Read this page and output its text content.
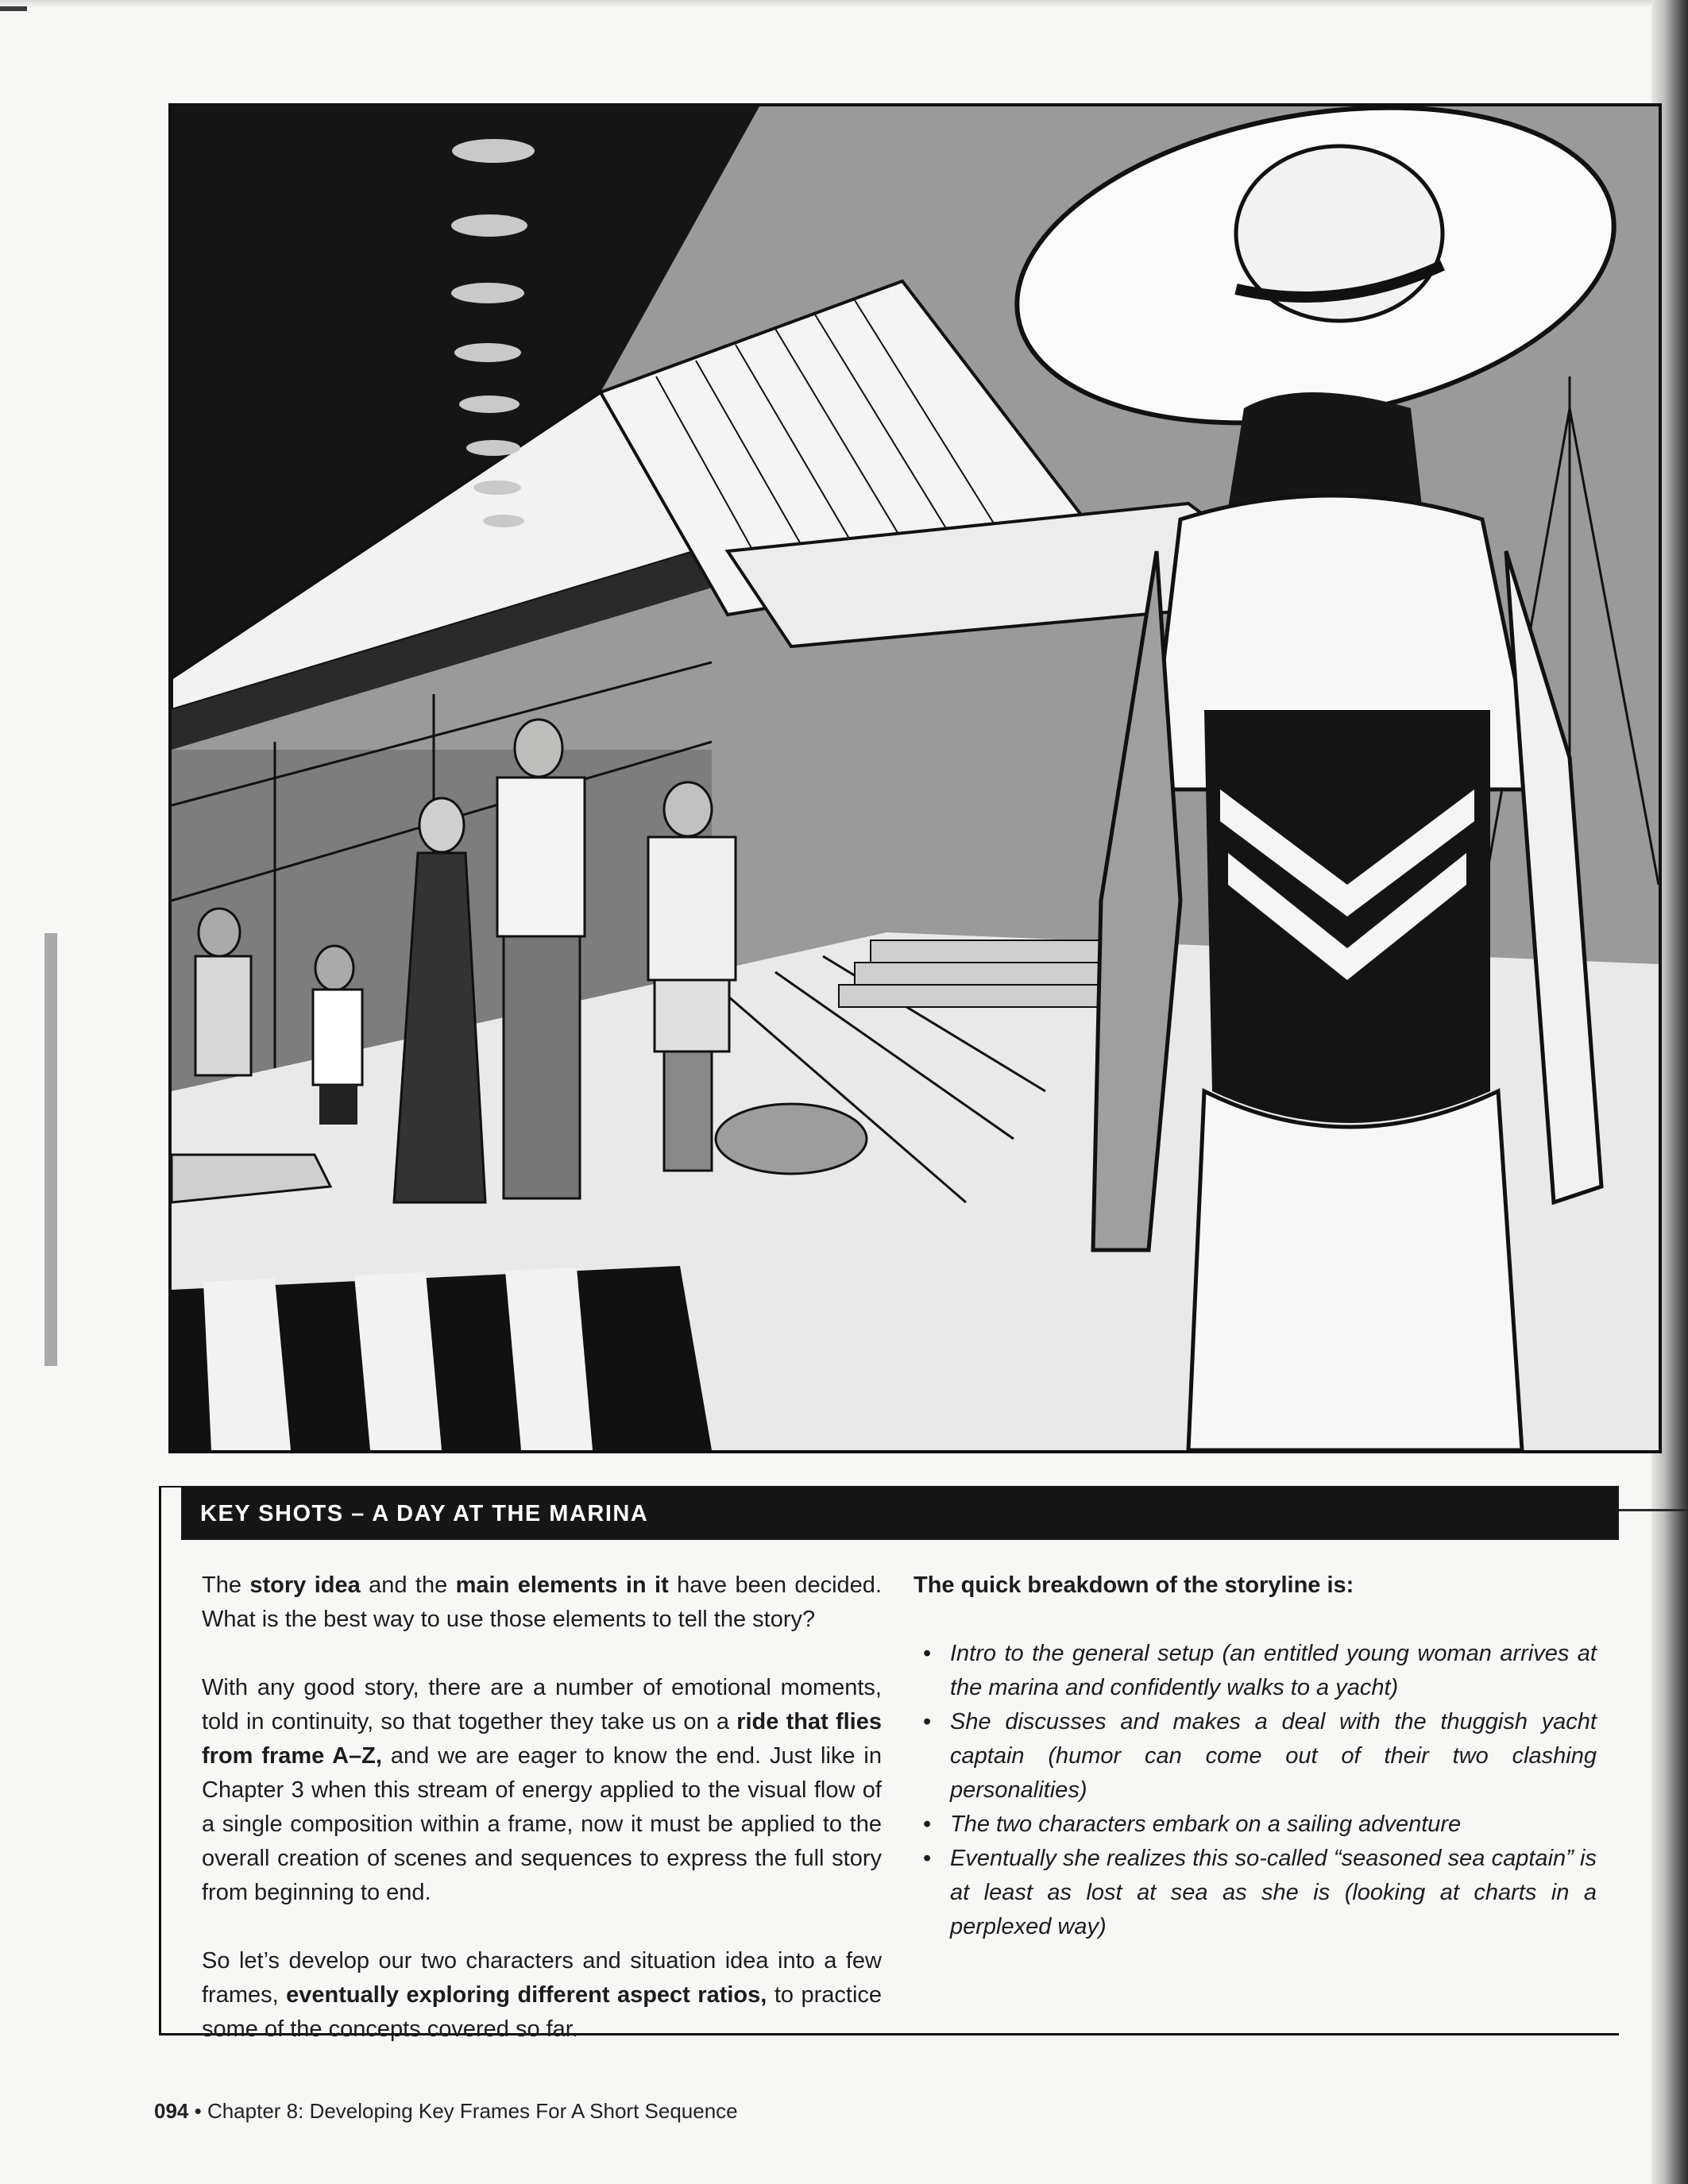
KEY SHOTS – A DAY AT THE MARINA

The story idea and the main elements in it have been decided. What is the best way to use those elements to tell the story?

With any good story, there are a number of emotional moments, told in continuity, so that together they take us on a ride that flies from frame A–Z, and we are eager to know the end. Just like in Chapter 3 when this stream of energy applied to the visual flow of a single composition within a frame, now it must be applied to the overall creation of scenes and sequences to express the full story from beginning to end.

So let’s develop our two characters and situation idea into a few frames, eventually exploring different aspect ratios, to practice some of the concepts covered so far.

The quick breakdown of the storyline is:
• Intro to the general setup (an entitled young woman arrives at the marina and confidently walks to a yacht)
• She discusses and makes a deal with the thuggish yacht captain (humor can come out of their two clashing personalities)
• The two characters embark on a sailing adventure
• Eventually she realizes this so-called “seasoned sea captain” is at least as lost at sea as she is (looking at charts in a perplexed way)
094 • Chapter 8: Developing Key Frames For A Short Sequence
